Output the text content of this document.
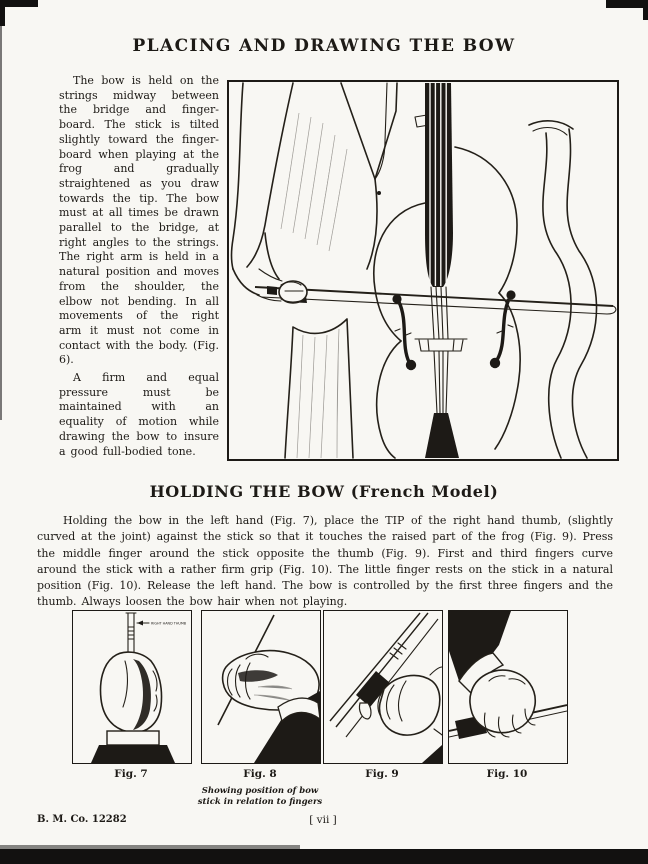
PLACING AND DRAWING THE BOW

The bow is held on the strings midway between the bridge and finger-board. The stick is tilted slightly toward the finger-board when playing at the frog and gradually straightened as you draw towards the tip. The bow must at all times be drawn parallel to the bridge, at right angles to the strings. The right arm is held in a natural position and moves from the shoulder, the elbow not bending. In all movements of the right arm it must not come in contact with the body. (Fig. 6).

A firm and equal pressure must be maintained with an equality of motion while drawing the bow to insure a good full-bodied tone.

HOLDING THE BOW (French Model)
Holding the bow in the left hand (Fig. 7), place the TIP of the right hand thumb, (slightly curved at the joint) against the stick so that it touches the raised part of the frog (Fig. 9). Press the middle finger around the stick opposite the thumb (Fig. 9). First and third fingers curve around the stick with a rather firm grip (Fig. 10). The little finger rests on the stick in a natural position (Fig. 10). Release the left hand. The bow is controlled by the first three fingers and the thumb. Always loosen the bow hair when not playing.
RIGHT HAND THUMB
Fig. 7	Fig. 8	Fig. 9	Fig. 10
Showing position of bow
stick in relation to fingers
B. M. Co. 12282	[ vii ]
